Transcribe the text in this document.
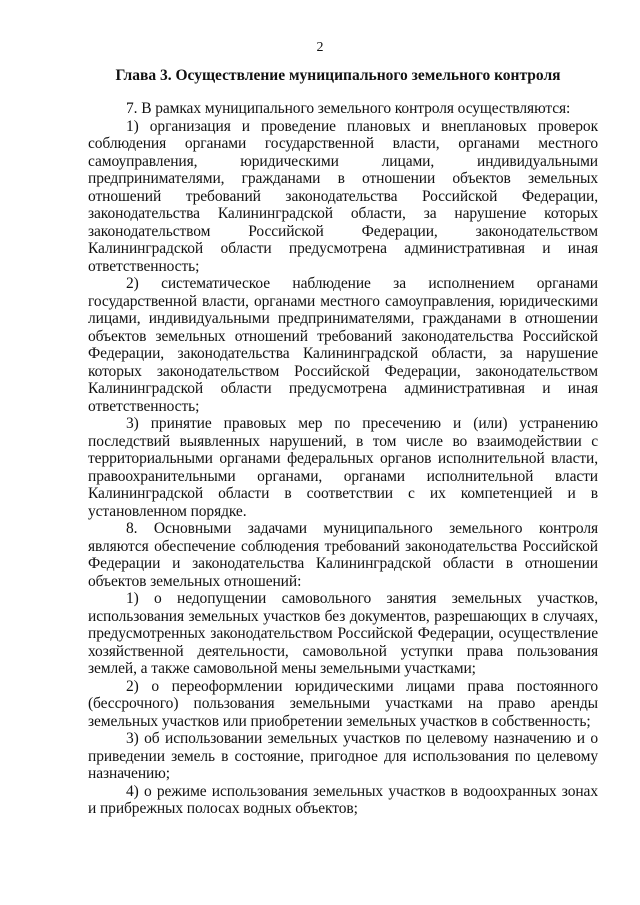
2
Глава 3. Осуществление муниципального земельного контроля

7. В рамках муниципального земельного контроля осуществляются:

1) организация и проведение плановых и внеплановых проверок соблюдения органами государственной власти, органами местного самоуправления, юридическими лицами, индивидуальными предпринимателями, гражданами в отношении объектов земельных отношений требований законодательства Российской Федерации, законодательства Калининградской области, за нарушение которых законодательством Российской Федерации, законодательством Калининградской области предусмотрена административная и иная ответственность;

2) систематическое наблюдение за исполнением органами государственной власти, органами местного самоуправления, юридическими лицами, индивидуальными предпринимателями, гражданами в отношении объектов земельных отношений требований законодательства Российской Федерации, законодательства Калининградской области, за нарушение которых законодательством Российской Федерации, законодательством Калининградской области предусмотрена административная и иная ответственность;

3) принятие правовых мер по пресечению и (или) устранению последствий выявленных нарушений, в том числе во взаимодействии с территориальными органами федеральных органов исполнительной власти, правоохранительными органами, органами исполнительной власти Калининградской области в соответствии с их компетенцией и в установленном порядке.

8. Основными задачами муниципального земельного контроля являются обеспечение соблюдения требований законодательства Российской Федерации и законодательства Калининградской области в отношении объектов земельных отношений:

1) о недопущении самовольного занятия земельных участков, использования земельных участков без документов, разрешающих в случаях, предусмотренных законодательством Российской Федерации, осуществление хозяйственной деятельности, самовольной уступки права пользования землей, а также самовольной мены земельными участками;

2) о переоформлении юридическими лицами права постоянного (бессрочного) пользования земельными участками на право аренды земельных участков или приобретении земельных участков в собственность;

3) об использовании земельных участков по целевому назначению и о приведении земель в состояние, пригодное для использования по целевому назначению;

4) о режиме использования земельных участков в водоохранных зонах и прибрежных полосах водных объектов;
